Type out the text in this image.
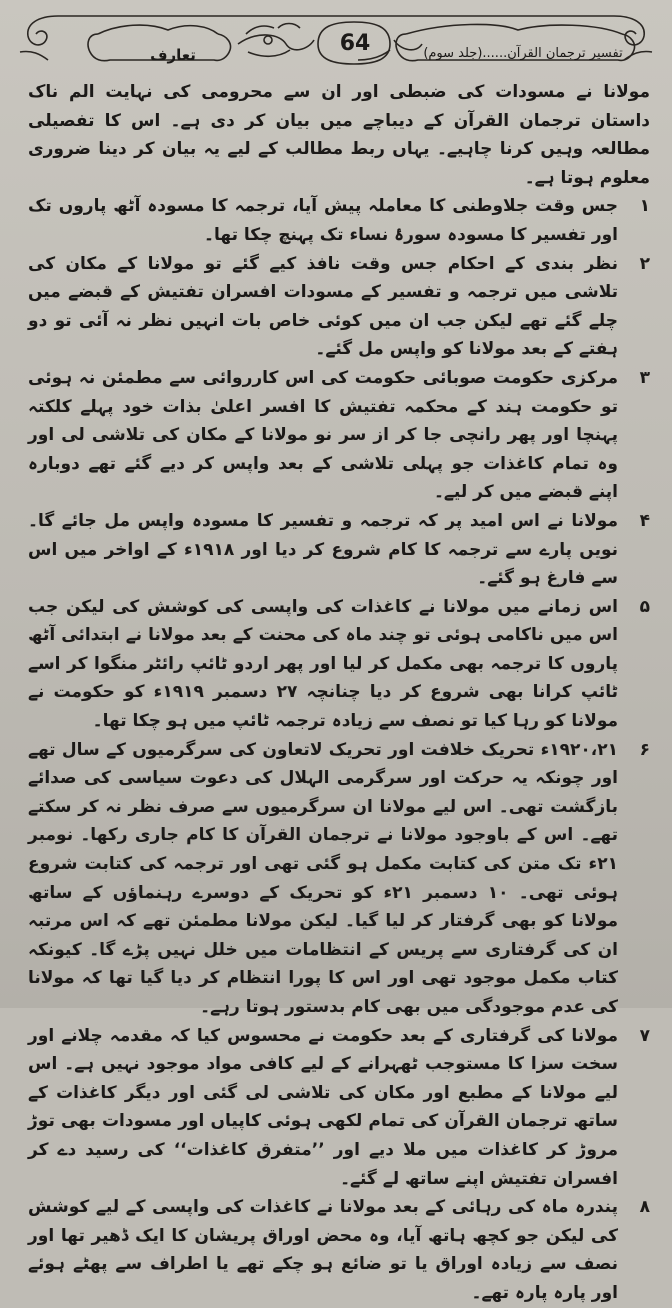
تعارف	64	تفسیر ترجمان القرآن......(جلد سوم)
مولانا نے مسودات کی ضبطی اور ان سے محرومی کی نہایت الم ناک داستان ترجمان القرآن کے دیباچے میں بیان کر دی ہے۔ اس کا تفصیلی مطالعہ وہیں کرنا چاہیے۔ یہاں ربط مطالب کے لیے یہ بیان کر دینا ضروری معلوم ہوتا ہے۔
۱
جس وقت جلاوطنی کا معاملہ پیش آیا، ترجمہ کا مسودہ آٹھ پاروں تک اور تفسیر کا مسودہ سورۂ نساء تک پہنچ چکا تھا۔
۲
نظر بندی کے احکام جس وقت نافذ کیے گئے تو مولانا کے مکان کی تلاشی میں ترجمہ و تفسیر کے مسودات افسران تفتیش کے قبضے میں چلے گئے تھے لیکن جب ان میں کوئی خاص بات انہیں نظر نہ آئی تو دو ہفتے کے بعد مولانا کو واپس مل گئے۔
۳
مرکزی حکومت صوبائی حکومت کی اس کارروائی سے مطمئن نہ ہوئی تو حکومت ہند کے محکمہ تفتیش کا افسر اعلیٰ بذات خود پہلے کلکتہ پہنچا اور پھر رانچی جا کر از سر نو مولانا کے مکان کی تلاشی لی اور وہ تمام کاغذات جو پہلی تلاشی کے بعد واپس کر دیے گئے تھے دوبارہ اپنے قبضے میں کر لیے۔
۴
مولانا نے اس امید پر کہ ترجمہ و تفسیر کا مسودہ واپس مل جائے گا۔ نویں پارے سے ترجمہ کا کام شروع کر دیا اور ۱۹۱۸ء کے اواخر میں اس سے فارغ ہو گئے۔
۵
اس زمانے میں مولانا نے کاغذات کی واپسی کی کوشش کی لیکن جب اس میں ناکامی ہوئی تو چند ماہ کی محنت کے بعد مولانا نے ابتدائی آٹھ پاروں کا ترجمہ بھی مکمل کر لیا اور پھر اردو ٹائپ رائٹر منگوا کر اسے ٹائپ کرانا بھی شروع کر دیا چنانچہ ۲۷ دسمبر ۱۹۱۹ء کو حکومت نے مولانا کو رہا کیا تو نصف سے زیادہ ترجمہ ٹائپ میں ہو چکا تھا۔
۶
۱۹۲۰،۲۱ء تحریک خلافت اور تحریک لاتعاون کی سرگرمیوں کے سال تھے اور چونکہ یہ حرکت اور سرگرمی الہلال کی دعوت سیاسی کی صدائے بازگشت تھی۔ اس لیے مولانا ان سرگرمیوں سے صرف نظر نہ کر سکتے تھے۔ اس کے باوجود مولانا نے ترجمان القرآن کا کام جاری رکھا۔ نومبر ۲۱ء تک متن کی کتابت مکمل ہو گئی تھی اور ترجمہ کی کتابت شروع ہوئی تھی۔ ۱۰ دسمبر ۲۱ء کو تحریک کے دوسرے رہنماؤں کے ساتھ مولانا کو بھی گرفتار کر لیا گیا۔ لیکن مولانا مطمئن تھے کہ اس مرتبہ ان کی گرفتاری سے پریس کے انتظامات میں خلل نہیں پڑے گا۔ کیونکہ کتاب مکمل موجود تھی اور اس کا پورا انتظام کر دیا گیا تھا کہ مولانا کی عدم موجودگی میں بھی کام بدستور ہوتا رہے۔
۷
مولانا کی گرفتاری کے بعد حکومت نے محسوس کیا کہ مقدمہ چلانے اور سخت سزا کا مستوجب ٹھہرانے کے لیے کافی مواد موجود نہیں ہے۔ اس لیے مولانا کے مطبع اور مکان کی تلاشی لی گئی اور دیگر کاغذات کے ساتھ ترجمان القرآن کی تمام لکھی ہوئی کاپیاں اور مسودات بھی توڑ مروڑ کر کاغذات میں ملا دیے اور ’’متفرق کاغذات‘‘ کی رسید دے کر افسران تفتیش اپنے ساتھ لے گئے۔
۸
پندرہ ماہ کی رہائی کے بعد مولانا نے کاغذات کی واپسی کے لیے کوشش کی لیکن جو کچھ ہاتھ آیا، وہ محض اوراق پریشان کا ایک ڈھیر تھا اور نصف سے زیادہ اوراق یا تو ضائع ہو چکے تھے یا اطراف سے پھٹے ہوئے اور پارہ پارہ تھے۔
